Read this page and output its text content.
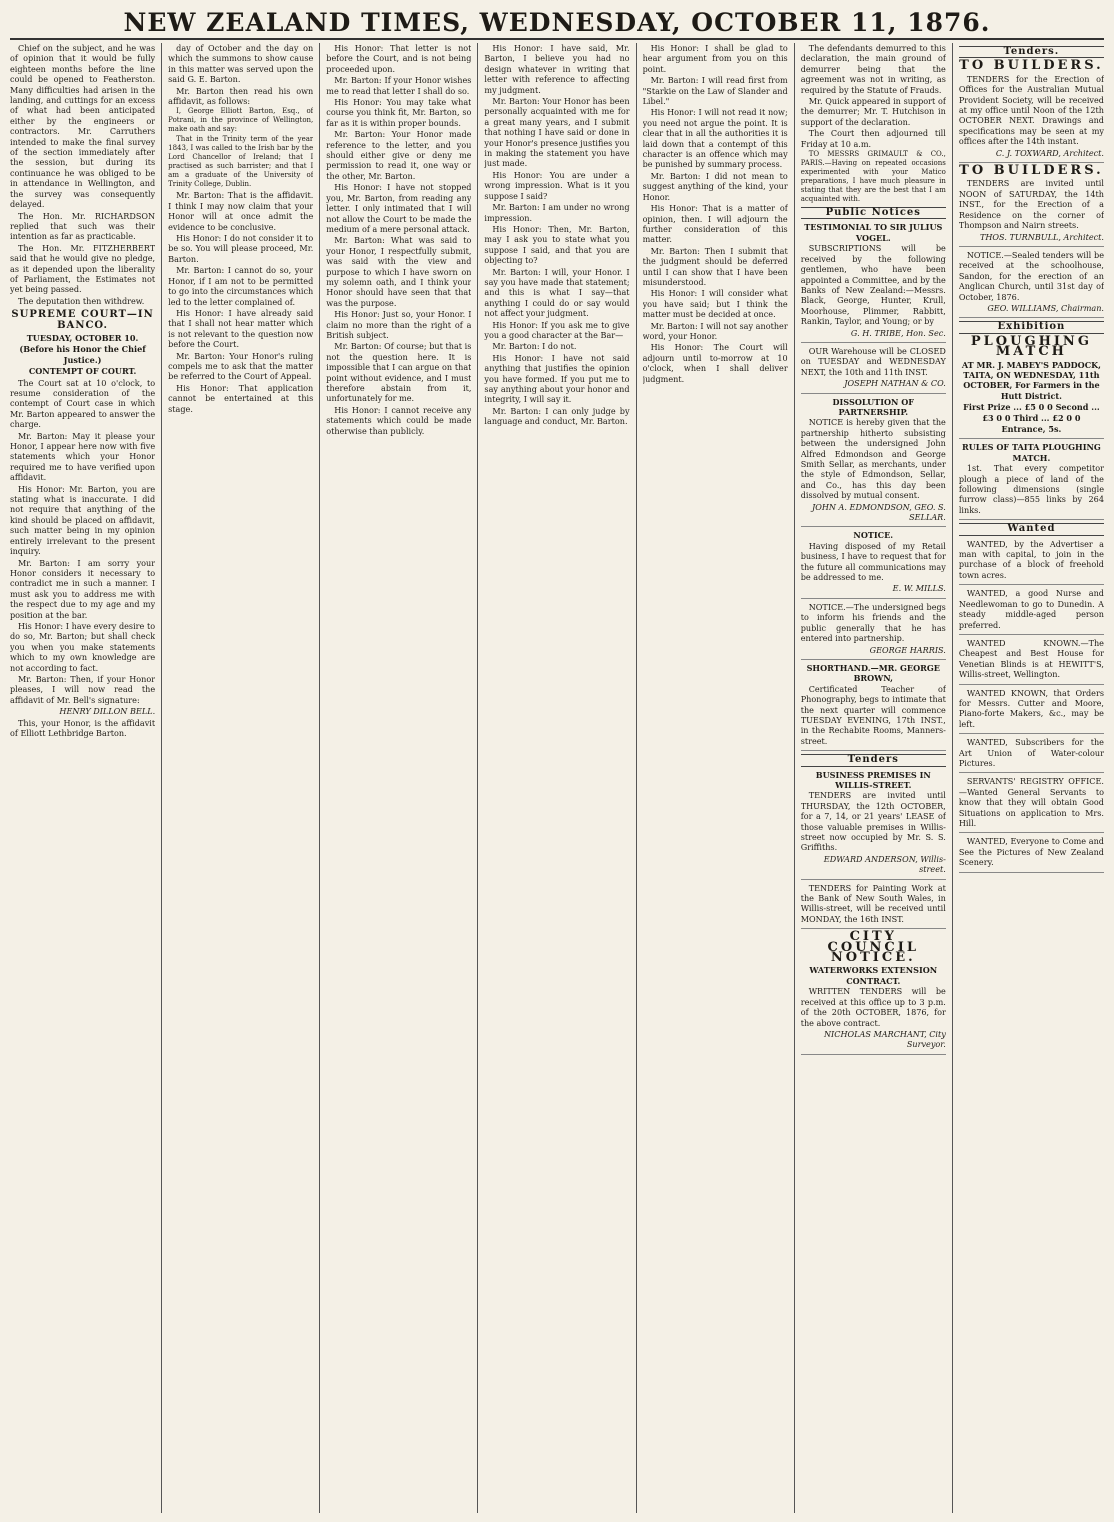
NEW ZEALAND TIMES, WEDNESDAY, OCTOBER 11, 1876.

Chief on the subject, and he was of opinion that it would be fully eighteen months before the line could be opened to Featherston. Many difficulties had arisen in the landing, and cuttings for an excess of what had been anticipated either by the engineers or contractors. Mr. Carruthers intended to make the final survey of the section immediately after the session, but during its continuance he was obliged to be in attendance in Wellington, and the survey was consequently delayed.

The Hon. Mr. RICHARDSON replied that such was their intention as far as practicable.

The Hon. Mr. FITZHERBERT said that he would give no pledge, as it depended upon the liberality of Parliament, the Estimates not yet being passed.

The deputation then withdrew.

SUPREME COURT—IN BANCO.

TUESDAY, OCTOBER 10.

(Before his Honor the Chief Justice.)

CONTEMPT OF COURT.

The Court sat at 10 o'clock, to resume consideration of the contempt of Court case in which Mr. Barton appeared to answer the charge.

Mr. Barton: May it please your Honor, I appear here now with five statements which your Honor required me to have verified upon affidavit.

His Honor: Mr. Barton, you are stating what is inaccurate. I did not require that anything of the kind should be placed on affidavit, such matter being in my opinion entirely irrelevant to the present inquiry.

Mr. Barton: I am sorry your Honor considers it necessary to contradict me in such a manner. I must ask you to address me with the respect due to my age and my position at the bar.

His Honor: I have every desire to do so, Mr. Barton; but shall check you when you make statements which to my own knowledge are not according to fact.

Mr. Barton: Then, if your Honor pleases, I will now read the affidavit of Mr. Bell's signature:

HENRY DILLON BELL.

This, your Honor, is the affidavit of Elliott Lethbridge Barton.

day of October and the day on which the summons to show cause in this matter was served upon the said G. E. Barton.

Mr. Barton then read his own affidavit, as follows:

I, George Elliott Barton, Esq., of Potrani, in the province of Wellington, make oath and say:

That in the Trinity term of the year 1843, I was called to the Irish bar by the Lord Chancellor of Ireland; that I practised as such barrister; and that I am a graduate of the University of Trinity College, Dublin.

Mr. Barton: That is the affidavit. I think I may now claim that your Honor will at once admit the evidence to be conclusive.

His Honor: I do not consider it to be so. You will please proceed, Mr. Barton.

Mr. Barton: I cannot do so, your Honor, if I am not to be permitted to go into the circumstances which led to the letter complained of.

His Honor: I have already said that I shall not hear matter which is not relevant to the question now before the Court.

Mr. Barton: Your Honor's ruling compels me to ask that the matter be referred to the Court of Appeal.

His Honor: That application cannot be entertained at this stage.

His Honor: That letter is not before the Court, and is not being proceeded upon.

Mr. Barton: If your Honor wishes me to read that letter I shall do so.

His Honor: You may take what course you think fit, Mr. Barton, so far as it is within proper bounds.

Mr. Barton: Your Honor made reference to the letter, and you should either give or deny me permission to read it, one way or the other, Mr. Barton.

His Honor: I have not stopped you, Mr. Barton, from reading any letter. I only intimated that I will not allow the Court to be made the medium of a mere personal attack.

Mr. Barton: What was said to your Honor, I respectfully submit, was said with the view and purpose to which I have sworn on my solemn oath, and I think your Honor should have seen that that was the purpose.

His Honor: Just so, your Honor. I claim no more than the right of a British subject.

Mr. Barton: Of course; but that is not the question here. It is impossible that I can argue on that point without evidence, and I must therefore abstain from it, unfortunately for me.

His Honor: I cannot receive any statements which could be made otherwise than publicly.

His Honor: I have said, Mr. Barton, I believe you had no design whatever in writing that letter with reference to affecting my judgment.

Mr. Barton: Your Honor has been personally acquainted with me for a great many years, and I submit that nothing I have said or done in your Honor's presence justifies you in making the statement you have just made.

His Honor: You are under a wrong impression. What is it you suppose I said?

Mr. Barton: I am under no wrong impression.

His Honor: Then, Mr. Barton, may I ask you to state what you suppose I said, and that you are objecting to?

Mr. Barton: I will, your Honor. I say you have made that statement; and this is what I say—that anything I could do or say would not affect your judgment.

His Honor: If you ask me to give you a good character at the Bar—

Mr. Barton: I do not.

His Honor: I have not said anything that justifies the opinion you have formed. If you put me to say anything about your honor and integrity, I will say it.

Mr. Barton: I can only judge by language and conduct, Mr. Barton.

His Honor: I shall be glad to hear argument from you on this point.

Mr. Barton: I will read first from "Starkie on the Law of Slander and Libel."

His Honor: I will not read it now; you need not argue the point. It is clear that in all the authorities it is laid down that a contempt of this character is an offence which may be punished by summary process.

Mr. Barton: I did not mean to suggest anything of the kind, your Honor.

His Honor: That is a matter of opinion, then. I will adjourn the further consideration of this matter.

Mr. Barton: Then I submit that the judgment should be deferred until I can show that I have been misunderstood.

His Honor: I will consider what you have said; but I think the matter must be decided at once.

Mr. Barton: I will not say another word, your Honor.

His Honor: The Court will adjourn until to-morrow at 10 o'clock, when I shall deliver judgment.

The defendants demurred to this declaration, the main ground of demurrer being that the agreement was not in writing, as required by the Statute of Frauds.

Mr. Quick appeared in support of the demurrer; Mr. T. Hutchison in support of the declaration.

The Court then adjourned till Friday at 10 a.m.

TO MESSRS GRIMAULT & CO., PARIS.—Having on repeated occasions experimented with your Matico preparations, I have much pleasure in stating that they are the best that I am acquainted with.

Public Notices
TESTIMONIAL TO SIR JULIUS VOGEL.

SUBSCRIPTIONS will be received by the following gentlemen, who have been appointed a Committee, and by the Banks of New Zealand:—Messrs. Black, George, Hunter, Krull, Moorhouse, Plimmer, Rabbitt, Rankin, Taylor, and Young; or by

G. H. TRIBE, Hon. Sec.

OUR Warehouse will be CLOSED on TUESDAY and WEDNESDAY NEXT, the 10th and 11th INST.

JOSEPH NATHAN & CO.

DISSOLUTION OF PARTNERSHIP.

NOTICE is hereby given that the partnership hitherto subsisting between the undersigned John Alfred Edmondson and George Smith Sellar, as merchants, under the style of Edmondson, Sellar, and Co., has this day been dissolved by mutual consent.

JOHN A. EDMONDSON, GEO. S. SELLAR.

NOTICE.

Having disposed of my Retail business, I have to request that for the future all communications may be addressed to me.

E. W. MILLS.

NOTICE.—The undersigned begs to inform his friends and the public generally that he has entered into partnership.

GEORGE HARRIS.

SHORTHAND.—MR. GEORGE BROWN,

Certificated Teacher of Phonography, begs to intimate that the next quarter will commence TUESDAY EVENING, 17th INST., in the Rechabite Rooms, Manners-street.

Tenders
BUSINESS PREMISES IN WILLIS-STREET.

TENDERS are invited until THURSDAY, the 12th OCTOBER, for a 7, 14, or 21 years' LEASE of those valuable premises in Willis-street now occupied by Mr. S. S. Griffiths.

EDWARD ANDERSON, Willis-street.

TENDERS for Painting Work at the Bank of New South Wales, in Willis-street, will be received until MONDAY, the 16th INST.

CITY COUNCIL NOTICE.
WATERWORKS EXTENSION CONTRACT.

WRITTEN TENDERS will be received at this office up to 3 p.m. of the 20th OCTOBER, 1876, for the above contract.

NICHOLAS MARCHANT, City Surveyor.

Tenders.
TO BUILDERS.

TENDERS for the Erection of Offices for the Australian Mutual Provident Society, will be received at my office until Noon of the 12th OCTOBER NEXT. Drawings and specifications may be seen at my offices after the 14th instant.

C. J. TOXWARD, Architect.

TO BUILDERS.

TENDERS are invited until NOON of SATURDAY, the 14th INST., for the Erection of a Residence on the corner of Thompson and Nairn streets.

THOS. TURNBULL, Architect.

NOTICE.—Sealed tenders will be received at the schoolhouse, Sandon, for the erection of an Anglican Church, until 31st day of October, 1876.

GEO. WILLIAMS, Chairman.

Exhibition
PLOUGHING MATCH

AT MR. J. MABEY'S PADDOCK, TAITA, ON WEDNESDAY, 11th OCTOBER, For Farmers in the Hutt District.

First Prize ... £5 0 0 Second ... £3 0 0 Third ... £2 0 0

Entrance, 5s.

RULES OF TAITA PLOUGHING MATCH.

1st. That every competitor plough a piece of land of the following dimensions (single furrow class)—855 links by 264 links.

Wanted

WANTED, by the Advertiser a man with capital, to join in the purchase of a block of freehold town acres.

WANTED, a good Nurse and Needlewoman to go to Dunedin. A steady middle-aged person preferred.

WANTED KNOWN.—The Cheapest and Best House for Venetian Blinds is at HEWITT'S, Willis-street, Wellington.

WANTED KNOWN, that Orders for Messrs. Cutter and Moore, Piano-forte Makers, &c., may be left.

WANTED, Subscribers for the Art Union of Water-colour Pictures.

SERVANTS' REGISTRY OFFICE.—Wanted General Servants to know that they will obtain Good Situations on application to Mrs. Hill.

WANTED, Everyone to Come and See the Pictures of New Zealand Scenery.
